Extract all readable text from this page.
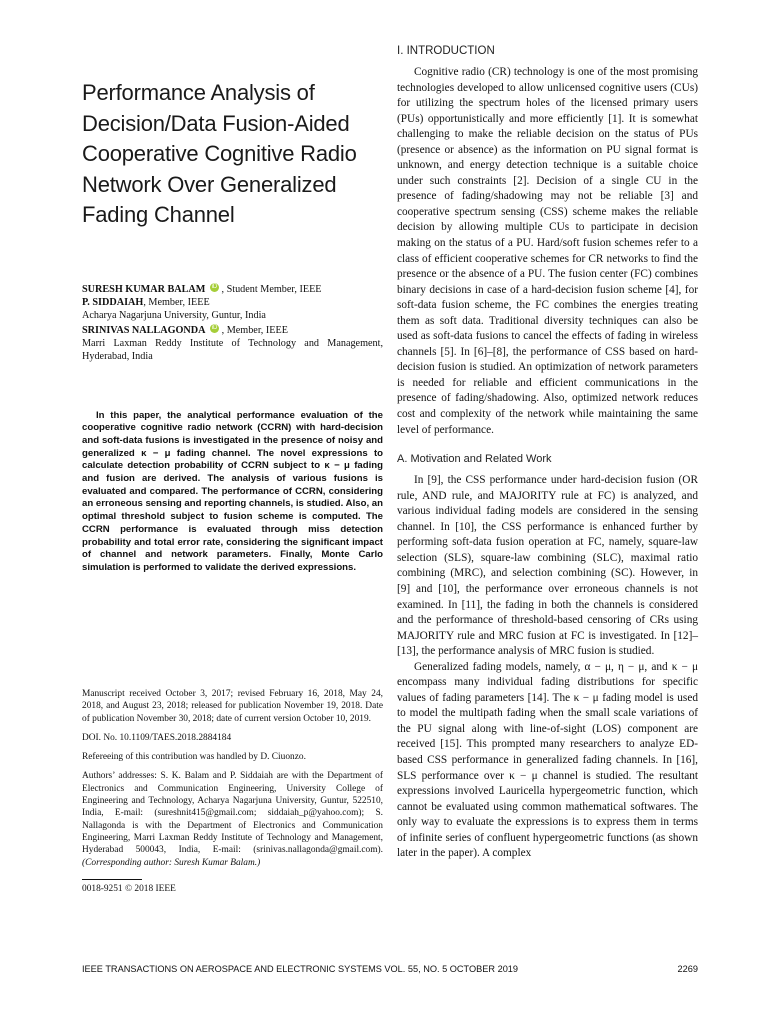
Performance Analysis of Decision/Data Fusion-Aided Cooperative Cognitive Radio Network Over Generalized Fading Channel
SURESH KUMAR BALAM iD , Student Member, IEEE
P. SIDDAIAH, Member, IEEE
Acharya Nagarjuna University, Guntur, India
SRINIVAS NALLAGONDA iD , Member, IEEE
Marri Laxman Reddy Institute of Technology and Management, Hyderabad, India

In this paper, the analytical performance evaluation of the cooperative cognitive radio network (CCRN) with hard-decision and soft-data fusions is investigated in the presence of noisy and generalized κ − μ fading channel. The novel expressions to calculate detection probability of CCRN subject to κ − μ fading and fusion are derived. The analysis of various fusions is evaluated and compared. The performance of CCRN, considering an erroneous sensing and reporting channels, is studied. Also, an optimal threshold subject to fusion scheme is computed. The CCRN performance is evaluated through miss detection probability and total error rate, considering the significant impact of channel and network parameters. Finally, Monte Carlo simulation is performed to validate the derived expressions.

Manuscript received October 3, 2017; revised February 16, 2018, May 24, 2018, and August 23, 2018; released for publication November 19, 2018. Date of publication November 30, 2018; date of current version October 10, 2019.

DOI. No. 10.1109/TAES.2018.2884184

Refereeing of this contribution was handled by D. Ciuonzo.

Authors’ addresses: S. K. Balam and P. Siddaiah are with the Department of Electronics and Communication Engineering, University College of Engineering and Technology, Acharya Nagarjuna University, Guntur, 522510, India, E-mail: (sureshnit415@gmail.com; siddaiah_p@yahoo.com); S. Nallagonda is with the Department of Electronics and Communication Engineering, Marri Laxman Reddy Institute of Technology and Management, Hyderabad 500043, India, E-mail: (srinivas.nallagonda@gmail.com). (Corresponding author: Suresh Kumar Balam.)

0018-9251 © 2018 IEEE
I. INTRODUCTION

Cognitive radio (CR) technology is one of the most promising technologies developed to allow unlicensed cognitive users (CUs) for utilizing the spectrum holes of the licensed primary users (PUs) opportunistically and more efficiently [1]. It is somewhat challenging to make the reliable decision on the status of PUs (presence or absence) as the information on PU signal format is unknown, and energy detection technique is a suitable choice under such constraints [2]. Decision of a single CU in the presence of fading/shadowing may not be reliable [3] and cooperative spectrum sensing (CSS) scheme makes the reliable decision by allowing multiple CUs to participate in decision making on the status of a PU. Hard/soft fusion schemes refer to a class of efficient cooperative schemes for CR networks to find the presence or the absence of a PU. The fusion center (FC) combines binary decisions in case of a hard-decision fusion scheme [4], for soft-data fusion scheme, the FC combines the energies treating them as soft data. Traditional diversity techniques can also be used as soft-data fusions to cancel the effects of fading in wireless channels [5]. In [6]–[8], the performance of CSS based on hard-decision fusion is studied. An optimization of network parameters is needed for reliable and efficient communications in the presence of fading/shadowing. Also, optimized network reduces cost and complexity of the network while maintaining the same level of performance.

A. Motivation and Related Work

In [9], the CSS performance under hard-decision fusion (OR rule, AND rule, and MAJORITY rule at FC) is analyzed, and various individual fading models are considered in the sensing channel. In [10], the CSS performance is enhanced further by performing soft-data fusion operation at FC, namely, square-law selection (SLS), square-law combining (SLC), maximal ratio combining (MRC), and selection combining (SC). However, in [9] and [10], the performance over erroneous channels is not examined. In [11], the fading in both the channels is considered and the performance of threshold-based censoring of CRs using MAJORITY rule and MRC fusion at FC is investigated. In [12]–[13], the performance analysis of MRC fusion is studied.

Generalized fading models, namely, α − μ, η − μ, and κ − μ encompass many individual fading distributions for specific values of fading parameters [14]. The κ − μ fading model is used to model the multipath fading when the small scale variations of the PU signal along with line-of-sight (LOS) component are received [15]. This prompted many researchers to analyze ED-based CSS performance in generalized fading channels. In [16], SLS performance over κ − μ channel is studied. The resultant expressions involved Lauricella hypergeometric function, which cannot be evaluated using common mathematical softwares. The only way to evaluate the expressions is to express them in terms of infinite series of confluent hypergeometric functions (as shown later in the paper). A complex

IEEE TRANSACTIONS ON AEROSPACE AND ELECTRONIC SYSTEMS VOL. 55, NO. 5 OCTOBER 2019	2269
